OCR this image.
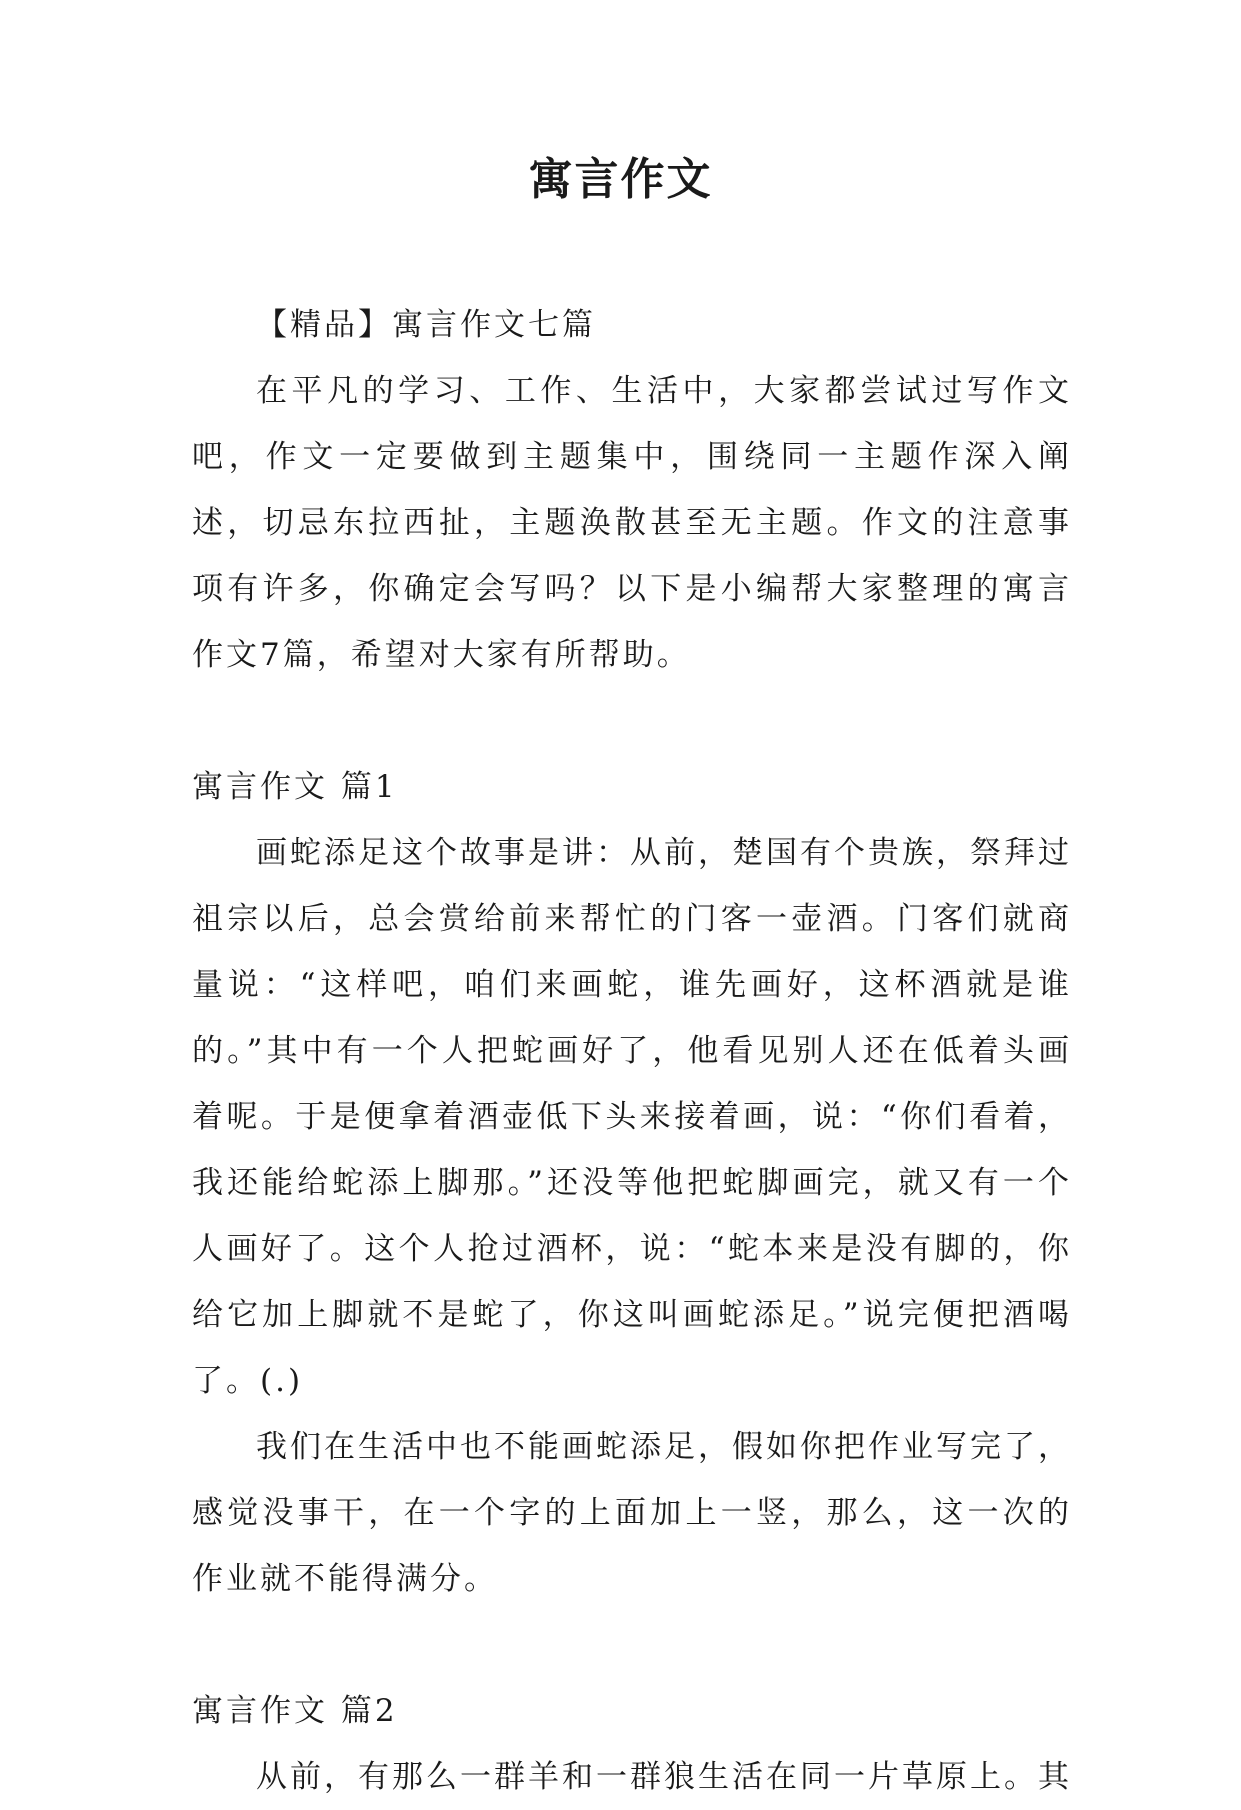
寓言作文

【精品】寓言作文七篇

在平凡的学习、工作、生活中，大家都尝试过写作文吧，作文一定要做到主题集中，围绕同一主题作深入阐述，切忌东拉西扯，主题涣散甚至无主题。作文的注意事项有许多，你确定会写吗？以下是小编帮大家整理的寓言作文7篇，希望对大家有所帮助。

寓言作文 篇1

画蛇添足这个故事是讲：从前，楚国有个贵族，祭拜过祖宗以后，总会赏给前来帮忙的门客一壶酒。门客们就商量说：“这样吧，咱们来画蛇，谁先画好，这杯酒就是谁的。”其中有一个人把蛇画好了，他看见别人还在低着头画着呢。于是便拿着酒壶低下头来接着画，说：“你们看着，我还能给蛇添上脚那。”还没等他把蛇脚画完，就又有一个人画好了。这个人抢过酒杯，说：“蛇本来是没有脚的，你给它加上脚就不是蛇了，你这叫画蛇添足。”说完便把酒喝了。(.)

我们在生活中也不能画蛇添足，假如你把作业写完了，感觉没事干，在一个字的上面加上一竖，那么，这一次的作业就不能得满分。

寓言作文 篇2

从前，有那么一群羊和一群狼生活在同一片草原上。其
